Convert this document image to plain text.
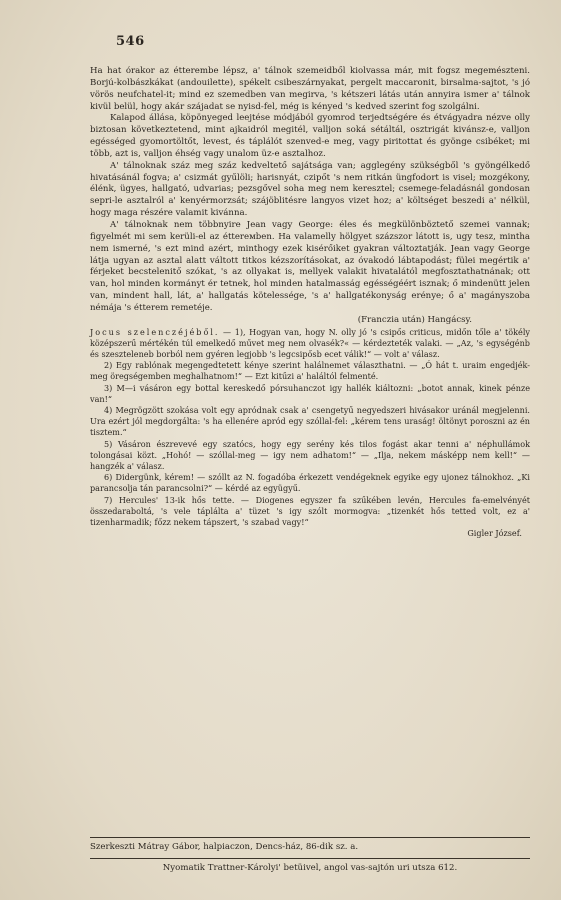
546

Ha hat órakor az étterembe lépsz, a' tálnok szemeidből kiolvassa már, mit fogsz megemészteni. Borjú-kolbászkákat (andouilette), spékelt csibeszárnyakat, pergelt maccaronit, birsalma-sajtot, 's jó vörös neufchatel-it; mind ez szemedben van megirva, 's kétszeri látás után annyira ismer a' tálnok kivül belül, hogy akár szájadat se nyisd-fel, még is kényed 's kedved szerint fog szolgálni.

Kalapod állása, köpönyeged leejtése módjából gyomrod terjedtségére és étvágyadra nézve olly biztosan következtetend, mint ajkaidról megitél, valljon soká sétáltál, osztrigát kivánsz-e, valljon egésséged gyomortöltőt, levest, és táplálót szenved-e meg, vagy piritottat és gyönge csibéket; mi több, azt is, valljon éhség vagy unalom üz-e asztalhoz.

A' tálnoknak száz meg száz kedveltető sajátsága van; agglegény szükségből 's gyöngélkedő hivatásánál fogva; a' csizmát gyűlöli; harisnyát, czipőt 's nem ritkán üngfodort is visel; mozgékony, élénk, ügyes, hallgató, udvarias; pezsgővel soha meg nem keresztel; csemege-feladásnál gondosan sepri-le asztalról a' kenyérmorzsát; szájöblitésre langyos vizet hoz; a' költséget beszedi a' nélkül, hogy maga részére valamit kivánna.

A' tálnoknak nem többnyire Jean vagy George: éles és megkülönböztető szemei vannak; figyelmét mi sem kerüli-el az éttereмben. Ha valamelly hölgyet százszor látott is, ugy tesz, mintha nem ismerné, 's ezt mind azért, minthogy ezek kisérőiket gyakran változtatják. Jean vagy George látja ugyan az asztal alatt váltott titkos kézszorításokat, az óvakodó lábtapodást; fülei megértik a' férjeket becstelenitő szókat, 's az ollyakat is, mellyek valakit hivatalától megfosztathatnának; ott van, hol minden kormányt ér tetnek, hol minden hatalmasság egésségéért isznak; ő mindenütt jelen van, mindent hall, lát, a' hallgatás kötelessége, 's a' hallgatékonyság erénye; ő a' magányszoba némája 's étterem remetéje.

(Franczia után) Hangácsy.

Jocus szelenczéjéből. — 1), Hogyan van, hogy N. olly jó 's csipős criticus, midőn tőle a' tökély középszerű mértékén túl emelkedő művet meg nem olvasék?« — kérdezteték valaki. — „Az, 's egységénb és szeszteleneb borból nem gyéren legjobb 's legcsipősb ecet válik!“ — volt a' válasz.

2) Egy rablónak megengedtetett kénye szerint halálnemet választhatni. — „Ó hát t. uraim engedjék-meg öregségemben meghalhatnom!“ — Ezt kitűzi a' haláltól felmenté.

3) M—i vásáron egy bottal kereskedő pórsuhanczot igy hallék kiáltozni: „botot annak, kinek pénze van!“

4) Megrögzött szokása volt egy apródnak csak a' csengetyű negyedszeri hivásakor uránál megjelenni. Ura ezért jól megdorgálta: 's ha ellenére apród egy szóllal-fel: „kérem tens uraság! öltönyt poroszni az én tisztem.“

5) Vásáron észrevevé egy szatócs, hogy egy serény kés tilos fogást akar tenni a' néphullámok tolongásai közt. „Hohó! — szóllal-meg — igy nem adhatom!“ — „Ilja, nekem másképp nem kell!“ — hangzék a' válasz.

6) Didergünk, kérem! — szóllt az N. fogadóba érkezett vendégeknek egyike egy ujonez tálnokhoz. „Ki parancsolja tán parancsolni?“ — kérdé az együgyű.

7) Hercules' 13-ik hős tette. — Diogenes egyszer fa szűkében levén, Hercules fa-emelvényét összedaraboltá, 's vele táplálta a' tüzet 's igy szólt mormogva: „tizenkét hős tetted volt, ez a' tizenharmadik; főzz nekem tápszert, 's szabad vagy!“

Gigler József.
Szerkeszti Mátray Gábor, halpiaczon, Dencs-ház, 86-dik sz. a.
Nyomatik Trattner-Károlyi' betüivel, angol vas-sajtón uri utsza 612.
